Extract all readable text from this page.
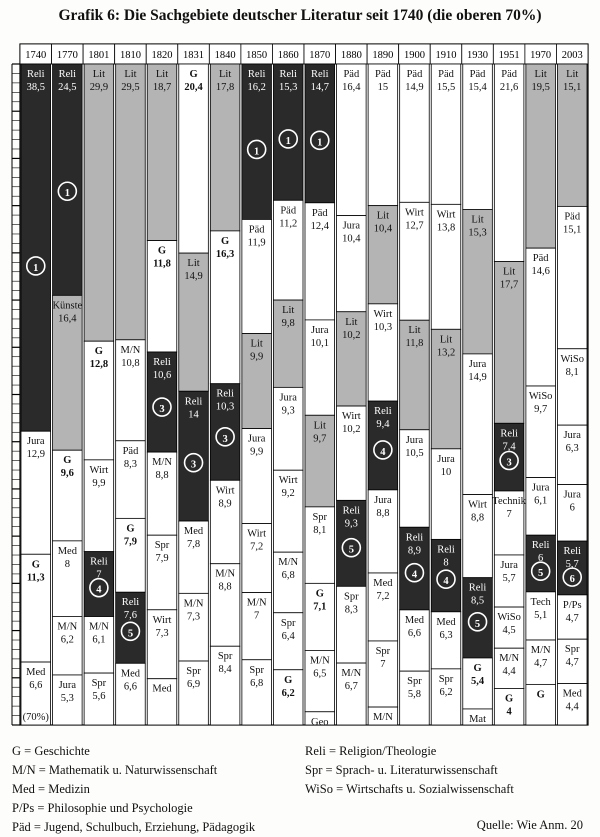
Grafik 6: Die Sachgebiete deutscher Literatur seit 1740 (die oberen 70%)
1740
Reli
38,5
1
Jura
12,9
G
11,3
Med
6,6
(70%)
1770
Reli
24,5
1
Künste
16,4
G
9,6
Med
8
M/N
6,2
Jura
5,3
1801
Lit
29,9
G
12,8
Wirt
9,9
Reli
7
4
M/N
6,1
Spr
5,6
1810
Lit
29,5
M/N
10,8
Päd
8,3
G
7,9
Reli
7,6
5
Med
6,6
1820
Lit
18,7
G
11,8
Reli
10,6
3
M/N
8,8
Spr
7,9
Wirt
7,3
Med
1831
G
20,4
Lit
14,9
Reli
14
3
Med
7,8
M/N
7,3
Spr
6,9
1840
Lit
17,8
G
16,3
Reli
10,3
3
Wirt
8,9
M/N
8,8
Spr
8,4
1850
Reli
16,2
1
Päd
11,9
Lit
9,9
Jura
9,9
Wirt
7,2
M/N
7
Spr
6,8
1860
Reli
15,3
1
Päd
11,2
Lit
9,8
Jura
9,3
Wirt
9,2
M/N
6,8
Spr
6,4
G
6,2
1870
Reli
14,7
1
Päd
12,4
Jura
10,1
Lit
9,7
Spr
8,1
G
7,1
M/N
6,5
Geo
1880
Päd
16,4
Jura
10,4
Lit
10,2
Wirt
10,2
Reli
9,3
5
Spr
8,3
M/N
6,7
1890
Päd
15
Lit
10,4
Wirt
10,3
Reli
9,4
4
Jura
8,8
Med
7,2
Spr
7
M/N
1900
Päd
14,9
Wirt
12,7
Lit
11,8
Jura
10,5
Reli
8,9
4
Med
6,6
Spr
5,8
1910
Päd
15,5
Wirt
13,8
Lit
13,2
Jura
10
Reli
8
4
Med
6,3
Spr
6,2
1930
Päd
15,4
Lit
15,3
Jura
14,9
Wirt
8,8
Reli
8,5
5
G
5,4
Mat
1951
Päd
21,6
Lit
17,7
Reli
7,4
3
Technik
7
Jura
5,7
WiSo
4,5
M/N
4,4
G
4
1970
Lit
19,5
Päd
14,6
WiSo
9,7
Jura
6,1
Reli
6
5
Tech
5,1
M/N
4,7
G
2003
Lit
15,1
Päd
15,1
WiSo
8,1
Jura
6,3
Jura
6
Reli
5,7
6
P/Ps
4,7
Spr
4,7
Med
4,4
G = Geschichte
M/N = Mathematik u. Naturwissenschaft
Med = Medizin
P/Ps = Philosophie und Psychologie
Päd = Jugend, Schulbuch, Erziehung, Pädagogik
Reli = Religion/Theologie
Spr = Sprach- u. Literaturwissenschaft
WiSo = Wirtschafts u. Sozialwissenschaft
Quelle: Wie Anm. 20
